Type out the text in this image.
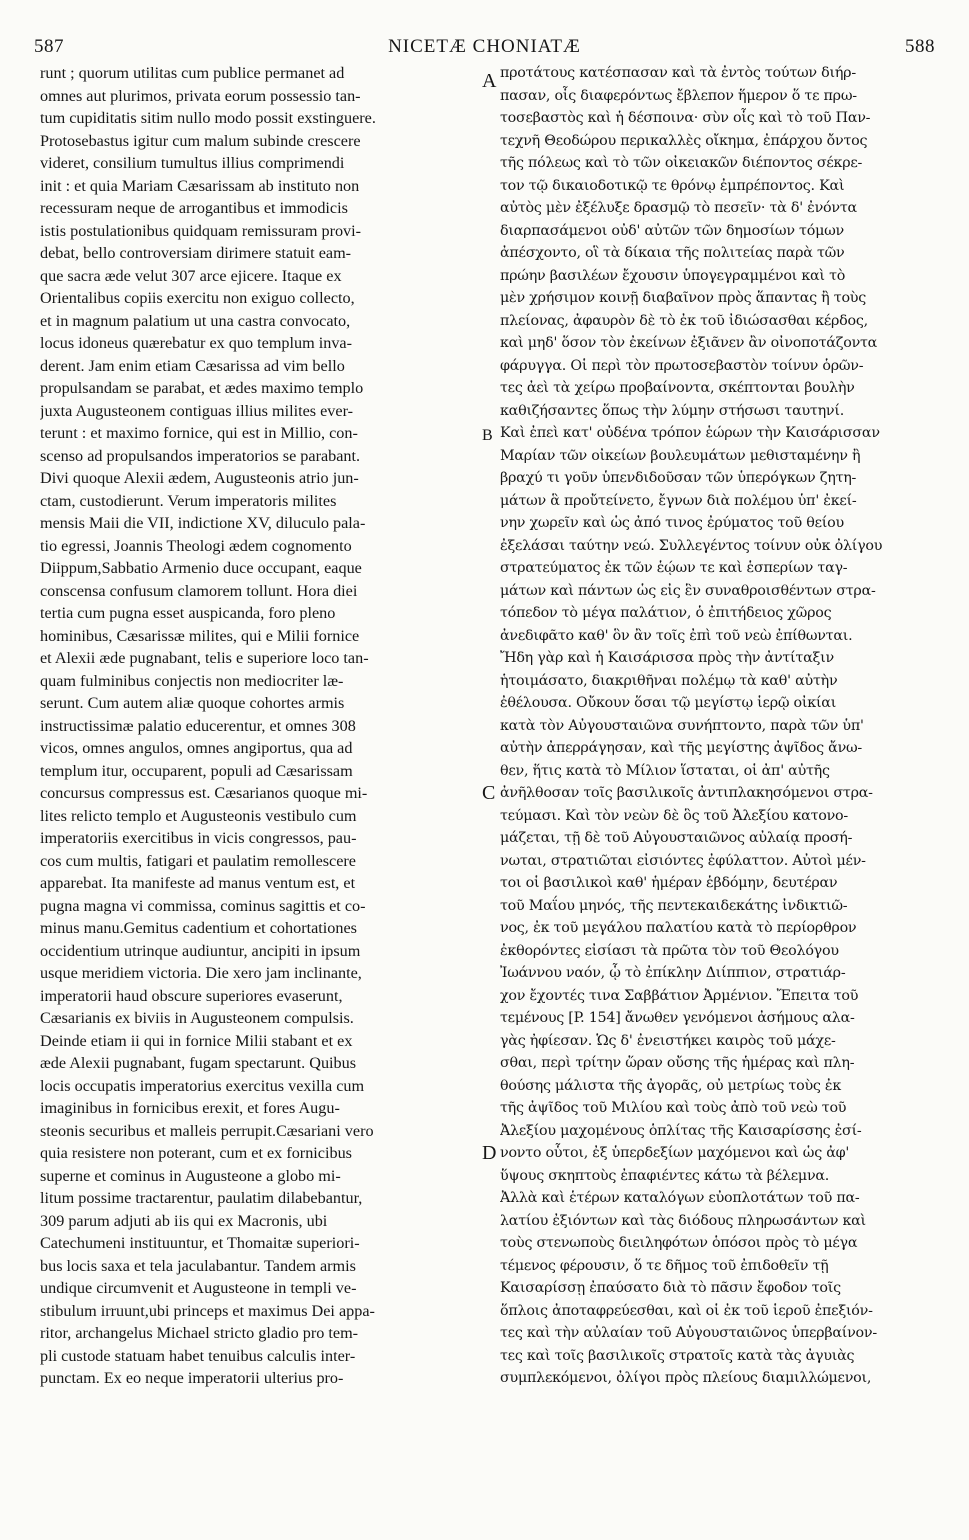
587	NICETÆ CHONIATÆ	588
runt ; quorum utilitas cum publice permanet ad
omnes aut plurimos, privata eorum possessio tan-
tum cupiditatis sitim nullo modo possit exstinguere.
Protosebastus igitur cum malum subinde crescere
videret, consilium tumultus illius comprimendi
init : et quia Mariam Cæsarissam ab instituto non
recessuram neque de arrogantibus et immodicis
istis postulationibus quidquam remissuram provi-
debat, bello controversiam dirimere statuit eam-
que sacra æde velut 307 arce ejicere. Itaque ex
Orientalibus copiis exercitu non exiguo collecto,
et in magnum palatium ut una castra convocato,
locus idoneus quærebatur ex quo templum inva-
derent. Jam enim etiam Cæsarissa ad vim bello
propulsandam se parabat, et ædes maximo templo
juxta Augusteonem contiguas illius milites ever-
terunt : et maximo fornice, qui est in Millio, con-
scenso ad propulsandos imperatorios se parabant.
Divi quoque Alexii ædem, Augusteonis atrio jun-
ctam, custodierunt. Verum imperatoris milites
mensis Maii die VII, indictione XV, diluculo pala-
tio egressi, Joannis Theologi ædem cognomento
Diippum,Sabbatio Armenio duce occupant, eaque
conscensa confusum clamorem tollunt. Hora diei
tertia cum pugna esset auspicanda, foro pleno
hominibus, Cæsarissæ milites, qui e Milii fornice
et Alexii æde pugnabant, telis e superiore loco tan-
quam fulminibus conjectis non mediocriter læ-
serunt. Cum autem aliæ quoque cohortes armis
instructissimæ palatio educerentur, et omnes 308
vicos, omnes angulos, omnes angiportus, qua ad
templum itur, occuparent, populi ad Cæsarissam
concursus compressus est. Cæsarianos quoque mi-
lites relicto templo et Augusteonis vestibulo cum
imperatoriis exercitibus in vicis congressos, pau-
cos cum multis, fatigari et paulatim remollescere
apparebat. Ita manifeste ad manus ventum est, et
pugna magna vi commissa, cominus sagittis et co-
minus manu.Gemitus cadentium et cohortationes
occidentium utrinque audiuntur, ancipiti in ipsum
usque meridiem victoria. Die xero jam inclinante,
imperatorii haud obscure superiores evaserunt,
Cæsarianis ex biviis in Augusteonem compulsis.
Deinde etiam ii qui in fornice Milii stabant et ex
æde Alexii pugnabant, fugam spectarunt. Quibus
locis occupatis imperatorius exercitus vexilla cum
imaginibus in fornicibus erexit, et fores Augu-
steonis securibus et malleis perrupit.Cæsariani vero
quia resistere non poterant, cum et ex fornicibus
superne et cominus in Augusteone a globo mi-
litum possime tractarentur, paulatim dilabebantur,
309 parum adjuti ab iis qui ex Macronis, ubi
Catechumeni instituuntur, et Thomaitæ superiori-
bus locis saxa et tela jaculabantur. Tandem armis
undique circumvenit et Augusteone in templi ve-
stibulum irruunt,ubi princeps et maximus Dei appa-
ritor, archangelus Michael stricto gladio pro tem-
pli custode statuam habet tenuibus calculis inter-
punctam. Ex eo neque imperatorii ulterius pro-
προτάτους κατέσπασαν καὶ τὰ ἐντὸς τούτων διήρ-
πασαν, οἷς διαφερόντως ἔβλεπον ἥμερον ὅ τε πρω-
τοσεβαστὸς καὶ ἡ δέσποινα· σὺν οἷς καὶ τὸ τοῦ Παν-
τεχνῆ Θεοδώρου περικαλλὲς οἴκημα, ἐπάρχου ὄντος
τῆς πόλεως καὶ τὸ τῶν οἰκειακῶν διέποντος σέκρε-
τον τῷ δικαιοδοτικῷ τε θρόνῳ ἐμπρέποντος. Καὶ
αὐτὸς μὲν ἐξέλυξε δρασμῷ τὸ πεσεῖν· τὰ δ' ἐνόντα
διαρπασάμενοι οὐδ' αὐτῶν τῶν δημοσίων τόμων
ἀπέσχοντο, οἳ τὰ δίκαια τῆς πολιτείας παρὰ τῶν
πρώην βασιλέων ἔχουσιν ὑπογεγραμμένοι καὶ τὸ
μὲν χρήσιμον κοινῇ διαβαῖνον πρὸς ἅπαντας ἢ τοὺς
πλείονας, ἀφαυρὸν δὲ τὸ ἐκ τοῦ ἰδιώσασθαι κέρδος,
καὶ μηδ' ὅσον τὸν ἐκείνων ἐξιᾶνεν ἂν οἰνοποτάζοντα
φάρυγγα. Οἱ περὶ τὸν πρωτοσεβαστὸν τοίνυν ὁρῶν-
τες ἀεὶ τὰ χείρω προβαίνοντα, σκέπτονται βουλὴν
καθιζήσαντες ὅπως τὴν λύμην στήσωσι ταυτηνί.
Καὶ ἐπεὶ κατ' οὐδένα τρόπον ἑώρων τὴν Καισάρισσαν
Μαρίαν τῶν οἰκείων βουλευμάτων μεθισταμένην ἢ
βραχύ τι γοῦν ὑπενδιδοῦσαν τῶν ὑπερόγκων ζητη-
μάτων ἃ προὔτείνετο, ἔγνων διὰ πολέμου ὑπ' ἐκεί-
νην χωρεῖν καὶ ὡς ἀπό τινος ἐρύματος τοῦ θείου
ἐξελάσαι ταύτην νεώ. Συλλεγέντος τοίνυν οὐκ ὀλίγου
στρατεύματος ἐκ τῶν ἑῴων τε καὶ ἑσπερίων ταγ-
μάτων καὶ πάντων ὡς εἰς ἓν συναθροισθέντων στρα-
τόπεδον τὸ μέγα παλάτιον, ὁ ἐπιτήδειος χῶρος
ἀνεδιφᾶτο καθ' ὃν ἂν τοῖς ἐπὶ τοῦ νεὼ ἐπίθωνται.
Ἤδη γὰρ καὶ ἡ Καισάρισσα πρὸς τὴν ἀντίταξιν
ἡτοιμάσατο, διακριθῆναι πολέμῳ τὰ καθ' αὐτὴν
ἐθέλουσα. Οὔκουν ὅσαι τῷ μεγίστῳ ἱερῷ οἰκίαι
κατὰ τὸν Αὐγουσταιῶνα συνήπτοντο, παρὰ τῶν ὑπ'
αὐτὴν ἀπερράγησαν, καὶ τῆς μεγίστης ἀψῖδος ἄνω-
θεν, ἥτις κατὰ τὸ Μίλιον ἵσταται, οἱ ἀπ' αὐτῆς
ἀνῆλθοσαν τοῖς βασιλικοῖς ἀντιπλακησόμενοι στρα-
τεύμασι. Καὶ τὸν νεὼν δὲ ὃς τοῦ Ἀλεξίου κατονο-
μάζεται, τῇ δὲ τοῦ Αὐγουσταιῶνος αὐλαίᾳ προσή-
νωται, στρατιῶται εἰσιόντες ἐφύλαττον. Αὐτοὶ μέν-
τοι οἱ βασιλικοὶ καθ' ἡμέραν ἑβδόμην, δευτέραν
τοῦ Μαΐου μηνός, τῆς πεντεκαιδεκάτης ἰνδικτιῶ-
νος, ἐκ τοῦ μεγάλου παλατίου κατὰ τὸ περίορθρον
ἐκθορόντες εἰσίασι τὰ πρῶτα τὸν τοῦ Θεολόγου
Ἰωάννου ναόν, ᾧ τὸ ἐπίκλην Διίππιον, στρατιάρ-
χον ἔχοντές τινα Σαββάτιον Ἀρμένιον. Ἔπειτα τοῦ
τεμένους [P. 154] ἄνωθεν γενόμενοι ἀσήμους αλα-
γὰς ἠφίεσαν. Ὡς δ' ἐνειστήκει καιρὸς τοῦ μάχε-
σθαι, περὶ τρίτην ὥραν οὔσης τῆς ἡμέρας καὶ πλη-
θούσης μάλιστα τῆς ἀγορᾶς, οὐ μετρίως τοὺς ἐκ
τῆς ἀψῖδος τοῦ Μιλίου καὶ τοὺς ἀπὸ τοῦ νεὼ τοῦ
Ἀλεξίου μαχομένους ὁπλίτας τῆς Καισαρίσσης ἐσί-
νοντο οὗτοι, ἐξ ὑπερδεξίων μαχόμενοι καὶ ὡς ἀφ'
ὕψους σκηπτοὺς ἐπαφιέντες κάτω τὰ βέλεμνα.
Ἀλλὰ καὶ ἑτέρων καταλόγων εὐοπλοτάτων τοῦ πα-
λατίου ἐξιόντων καὶ τὰς διόδους πληρωσάντων καὶ
τοὺς στενωποὺς διειληφότων ὁπόσοι πρὸς τὸ μέγα
τέμενος φέρουσιν, ὅ τε δῆμος τοῦ ἐπιδοθεῖν τῇ
Καισαρίσσῃ ἐπαύσατο διὰ τὸ πᾶσιν ἔφοδον τοῖς
ὅπλοις ἀποταφρεύεσθαι, καὶ οἱ ἐκ τοῦ ἱεροῦ ἐπεξιόν-
τες καὶ τὴν αὐλαίαν τοῦ Αὐγουσταιῶνος ὑπερβαίνον-
τες καὶ τοῖς βασιλικοῖς στρατοῖς κατὰ τὰς ἀγυιὰς
συμπλεκόμενοι, ὀλίγοι πρὸς πλείους διαμιλλώμενοι,
A
B
C
D
